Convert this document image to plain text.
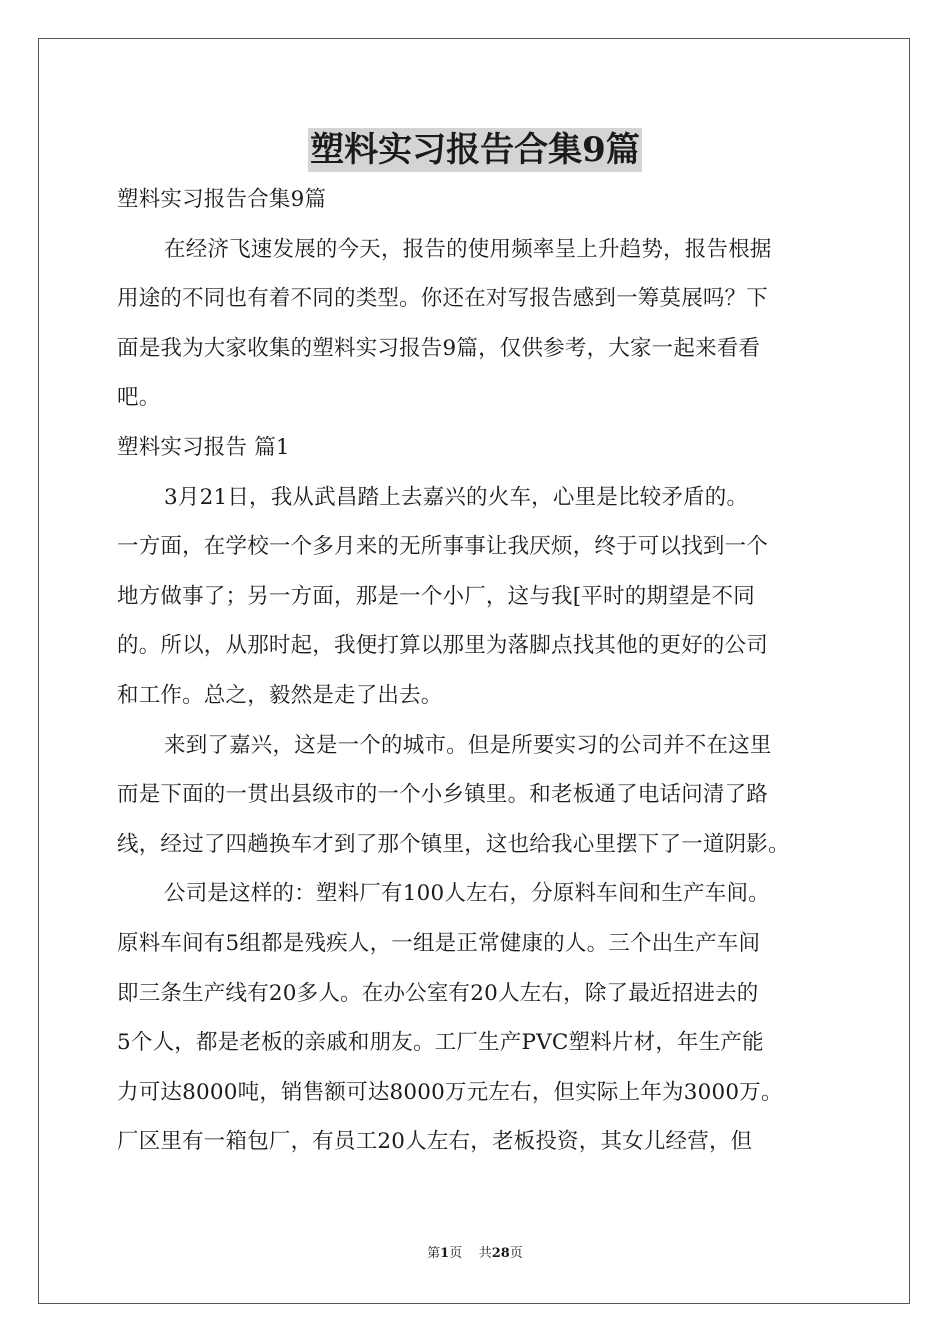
塑料实习报告合集9篇
塑料实习报告合集9篇
在经济飞速发展的今天，报告的使用频率呈上升趋势，报告根据
用途的不同也有着不同的类型。你还在对写报告感到一筹莫展吗？下
面是我为大家收集的塑料实习报告9篇，仅供参考，大家一起来看看
吧。
塑料实习报告 篇1
3月21日，我从武昌踏上去嘉兴的火车，心里是比较矛盾的。
一方面，在学校一个多月来的无所事事让我厌烦，终于可以找到一个
地方做事了；另一方面，那是一个小厂，这与我[平时的期望是不同
的。所以，从那时起，我便打算以那里为落脚点找其他的更好的公司
和工作。总之，毅然是走了出去。
来到了嘉兴，这是一个的城市。但是所要实习的公司并不在这里
而是下面的一贯出县级市的一个小乡镇里。和老板通了电话问清了路
线，经过了四趟换车才到了那个镇里，这也给我心里摆下了一道阴影。
公司是这样的：塑料厂有100人左右，分原料车间和生产车间。
原料车间有5组都是残疾人，一组是正常健康的人。三个出生产车间
即三条生产线有20多人。在办公室有20人左右，除了最近招进去的
5个人，都是老板的亲戚和朋友。工厂生产PVC塑料片材，年生产能
力可达8000吨，销售额可达8000万元左右，但实际上年为3000万。
厂区里有一箱包厂，有员工20人左右，老板投资，其女儿经营，但
第1页 共28页
